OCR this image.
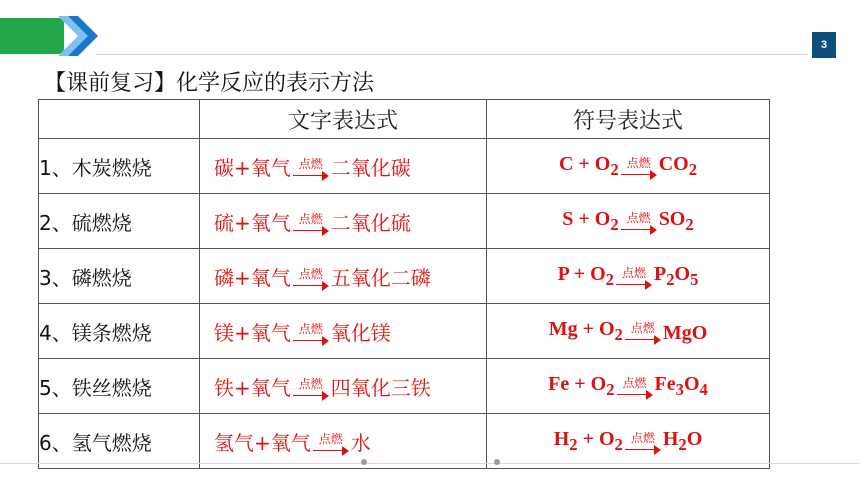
3
【课前复习】化学反应的表示方法
	文字表达式	符号表达式
1、木炭燃烧	碳+氧气 点燃 二氧化碳	$C + O_2$ 点燃 $CO_2$

2、硫燃烧	硫+氧气 点燃 二氧化硫	$S + O_2$ 点燃 $SO_2$

3、磷燃烧	磷+氧气 点燃 五氧化二磷	$P + O_2$ 点燃 $P_2O_5$

4、镁条燃烧	镁+氧气 点燃 氧化镁	$Mg + O_2$ 点燃 MgO

5、铁丝燃烧	铁+氧气 点燃 四氧化三铁	$Fe + O_2$ 点燃 $Fe_3O_4$

6、氢气燃烧	氢气+氧气 点燃 水	$H_2 + O_2$ 点燃 $H_2O$
